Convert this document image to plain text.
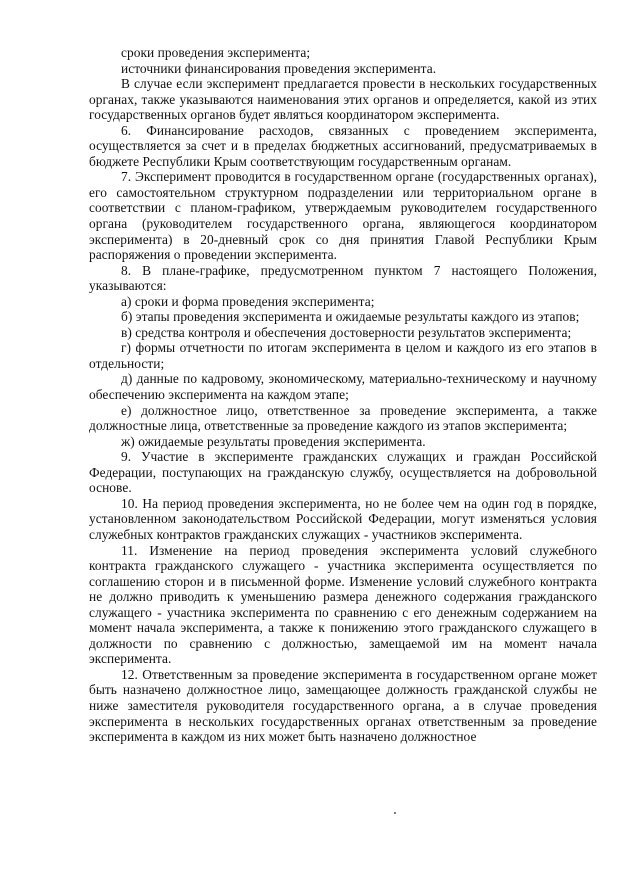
сроки проведения эксперимента;

источники финансирования проведения эксперимента.

В случае если эксперимент предлагается провести в нескольких государственных органах, также указываются наименования этих органов и определяется, какой из этих государственных органов будет являться координатором эксперимента.

6. Финансирование расходов, связанных с проведением эксперимента, осуществляется за счет и в пределах бюджетных ассигнований, предусматриваемых в бюджете Республики Крым соответствующим государственным органам.

7. Эксперимент проводится в государственном органе (государственных органах), его самостоятельном структурном подразделении или территориальном органе в соответствии с планом-графиком, утверждаемым руководителем государственного органа (руководителем государственного органа, являющегося координатором эксперимента) в 20-дневный срок со дня принятия Главой Республики Крым распоряжения о проведении эксперимента.

8. В плане-графике, предусмотренном пунктом 7 настоящего Положения, указываются:

а) сроки и форма проведения эксперимента;

б) этапы проведения эксперимента и ожидаемые результаты каждого из этапов;

в) средства контроля и обеспечения достоверности результатов эксперимента;

г) формы отчетности по итогам эксперимента в целом и каждого из его этапов в отдельности;

д) данные по кадровому, экономическому, материально-техническому и научному обеспечению эксперимента на каждом этапе;

е) должностное лицо, ответственное за проведение эксперимента, а также должностные лица, ответственные за проведение каждого из этапов эксперимента;

ж) ожидаемые результаты проведения эксперимента.

9. Участие в эксперименте гражданских служащих и граждан Российской Федерации, поступающих на гражданскую службу, осуществляется на добровольной основе.

10. На период проведения эксперимента, но не более чем на один год в порядке, установленном законодательством Российской Федерации, могут изменяться условия служебных контрактов гражданских служащих - участников эксперимента.

11. Изменение на период проведения эксперимента условий служебного контракта гражданского служащего - участника эксперимента осуществляется по соглашению сторон и в письменной форме. Изменение условий служебного контракта не должно приводить к уменьшению размера денежного содержания гражданского служащего - участника эксперимента по сравнению с его денежным содержанием на момент начала эксперимента, а также к понижению этого гражданского служащего в должности по сравнению с должностью, замещаемой им на момент начала эксперимента.

12. Ответственным за проведение эксперимента в государственном органе может быть назначено должностное лицо, замещающее должность гражданской службы не ниже заместителя руководителя государственного органа, а в случае проведения эксперимента в нескольких государственных органах ответственным за проведение эксперимента в каждом из них может быть назначено должностное
